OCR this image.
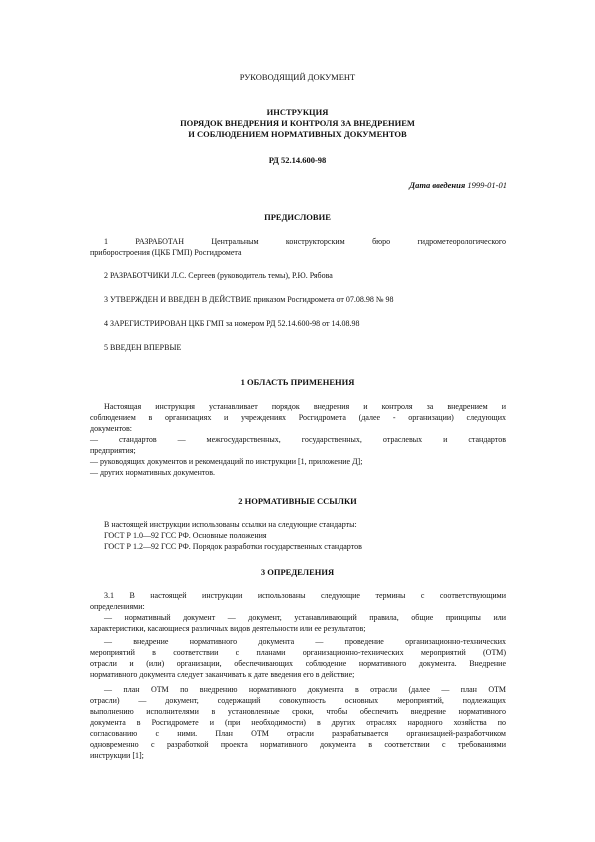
РУКОВОДЯЩИЙ ДОКУМЕНТ
ИНСТРУКЦИЯ
ПОРЯДОК ВНЕДРЕНИЯ И КОНТРОЛЯ ЗА ВНЕДРЕНИЕМ
И СОБЛЮДЕНИЕМ НОРМАТИВНЫХ ДОКУМЕНТОВ
РД 52.14.600-98
Дата введения 1999-01-01
ПРЕДИСЛОВИЕ
1 РАЗРАБОТАН Центральным конструкторским бюро гидрометеорологического
приборостроения (ЦКБ ГМП) Росгидромета
2 РАЗРАБОТЧИКИ Л.С. Сергеев (руководитель темы), Р.Ю. Рябова
3 УТВЕРЖДЕН И ВВЕДЕН В ДЕЙСТВИЕ приказом Росгидромета от 07.08.98 № 98
4 ЗАРЕГИСТРИРОВАН ЦКБ ГМП за номером РД 52.14.600-98 от 14.08.98
5 ВВЕДЕН ВПЕРВЫЕ
1 ОБЛАСТЬ ПРИМЕНЕНИЯ
Настоящая инструкция устанавливает порядок внедрения и контроля за внедрением и
соблюдением в организациях и учреждениях Росгидромета (далее - организации) следующих
документов:
— стандартов — межгосударственных, государственных, отраслевых и стандартов
предприятия;
— руководящих документов и рекомендаций по инструкции [1, приложение Д];
— других нормативных документов.
2 НОРМАТИВНЫЕ ССЫЛКИ
В настоящей инструкции использованы ссылки на следующие стандарты:
ГОСТ Р 1.0—92 ГСС РФ. Основные положения
ГОСТ Р 1.2—92 ГСС РФ. Порядок разработки государственных стандартов
3 ОПРЕДЕЛЕНИЯ
3.1 В настоящей инструкции использованы следующие термины с соответствующими
определениями:
— нормативный документ — документ, устанавливающий правила, общие принципы или
характеристики, касающиеся различных видов деятельности или ее результатов;
— внедрение нормативного документа — проведение организационно-технических
мероприятий в соответствии с планами организационно-технических мероприятий (ОТМ)
отрасли и (или) организации, обеспечивающих соблюдение нормативного документа. Внедрение
нормативного документа следует заканчивать к дате введения его в действие;
— план ОТМ по внедрению нормативного документа в отрасли (далее — план ОТМ
отрасли) — документ, содержащий совокупность основных мероприятий, подлежащих
выполнению исполнителями в установленные сроки, чтобы обеспечить внедрение нормативного
документа в Росгидромете и (при необходимости) в других отраслях народного хозяйства по
согласованию с ними. План ОТМ отрасли разрабатывается организацией-разработчиком
одновременно с разработкой проекта нормативного документа в соответствии с требованиями
инструкции [1];
